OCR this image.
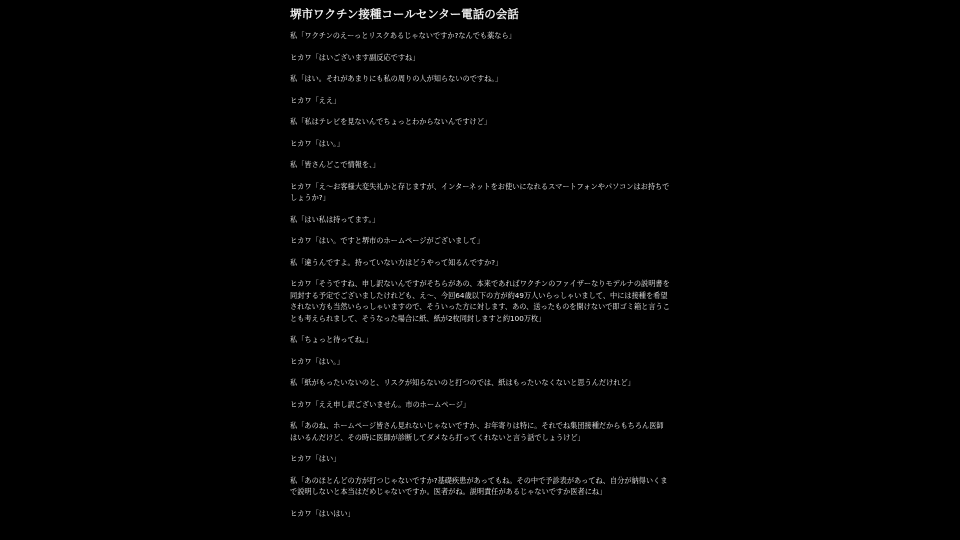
堺市ワクチン接種コールセンター電話の会話

私「ワクチンのえーっとリスクあるじゃないですか?なんでも薬なら」

ヒカワ「はいございます副反応ですね」

私「はい。それがあまりにも私の周りの人が知らないのですね。」

ヒカワ「ええ」

私「私はテレビを見ないんでちょっとわからないんですけど」

ヒカワ「はい。」

私「皆さんどこで情報を、」

ヒカワ「え〜お客様大変失礼かと存じますが、インターネットをお使いになれるスマートフォンやパソコンはお持ちでしょうか?」

私「はい私は持ってます。」

ヒカワ「はい。ですと堺市のホームページがございまして」

私「違うんですよ。持っていない方はどうやって知るんですか?」

ヒカワ「そうですね、申し訳ないんですがそちらがあの、本来であればワクチンのファイザーなりモデルナの説明書を同封する予定でございましたけれども、え〜、今回64歳以下の方が約49万人いらっしゃいまして、中には接種を希望されない方も当然いらっしゃいますので、そういった方に対します、あの、送ったものを開けないで即ゴミ箱と言うことも考えられまして、そうなった場合に紙、紙が2枚同封しますと約100万枚」

私「ちょっと待ってね。」

ヒカワ「はい。」

私「紙がもったいないのと、リスクが知らないのと打つのでは、紙はもったいなくないと思うんだけれど」

ヒカワ「ええ申し訳ございません。市のホームページ」

私「あのね、ホームページ皆さん見れないじゃないですか、お年寄りは特に。それでね集団接種だからもちろん医師はいるんだけど、その時に医師が診断してダメなら打ってくれないと言う話でしょうけど」

ヒカワ「はい」

私「あのほとんどの方が打つじゃないですか?基礎疾患があってもね。その中で予診表があってね、自分が納得いくまで説明しないと本当はだめじゃないですか。医者がね。説明責任があるじゃないですか医者にね」

ヒカワ「はいはい」
